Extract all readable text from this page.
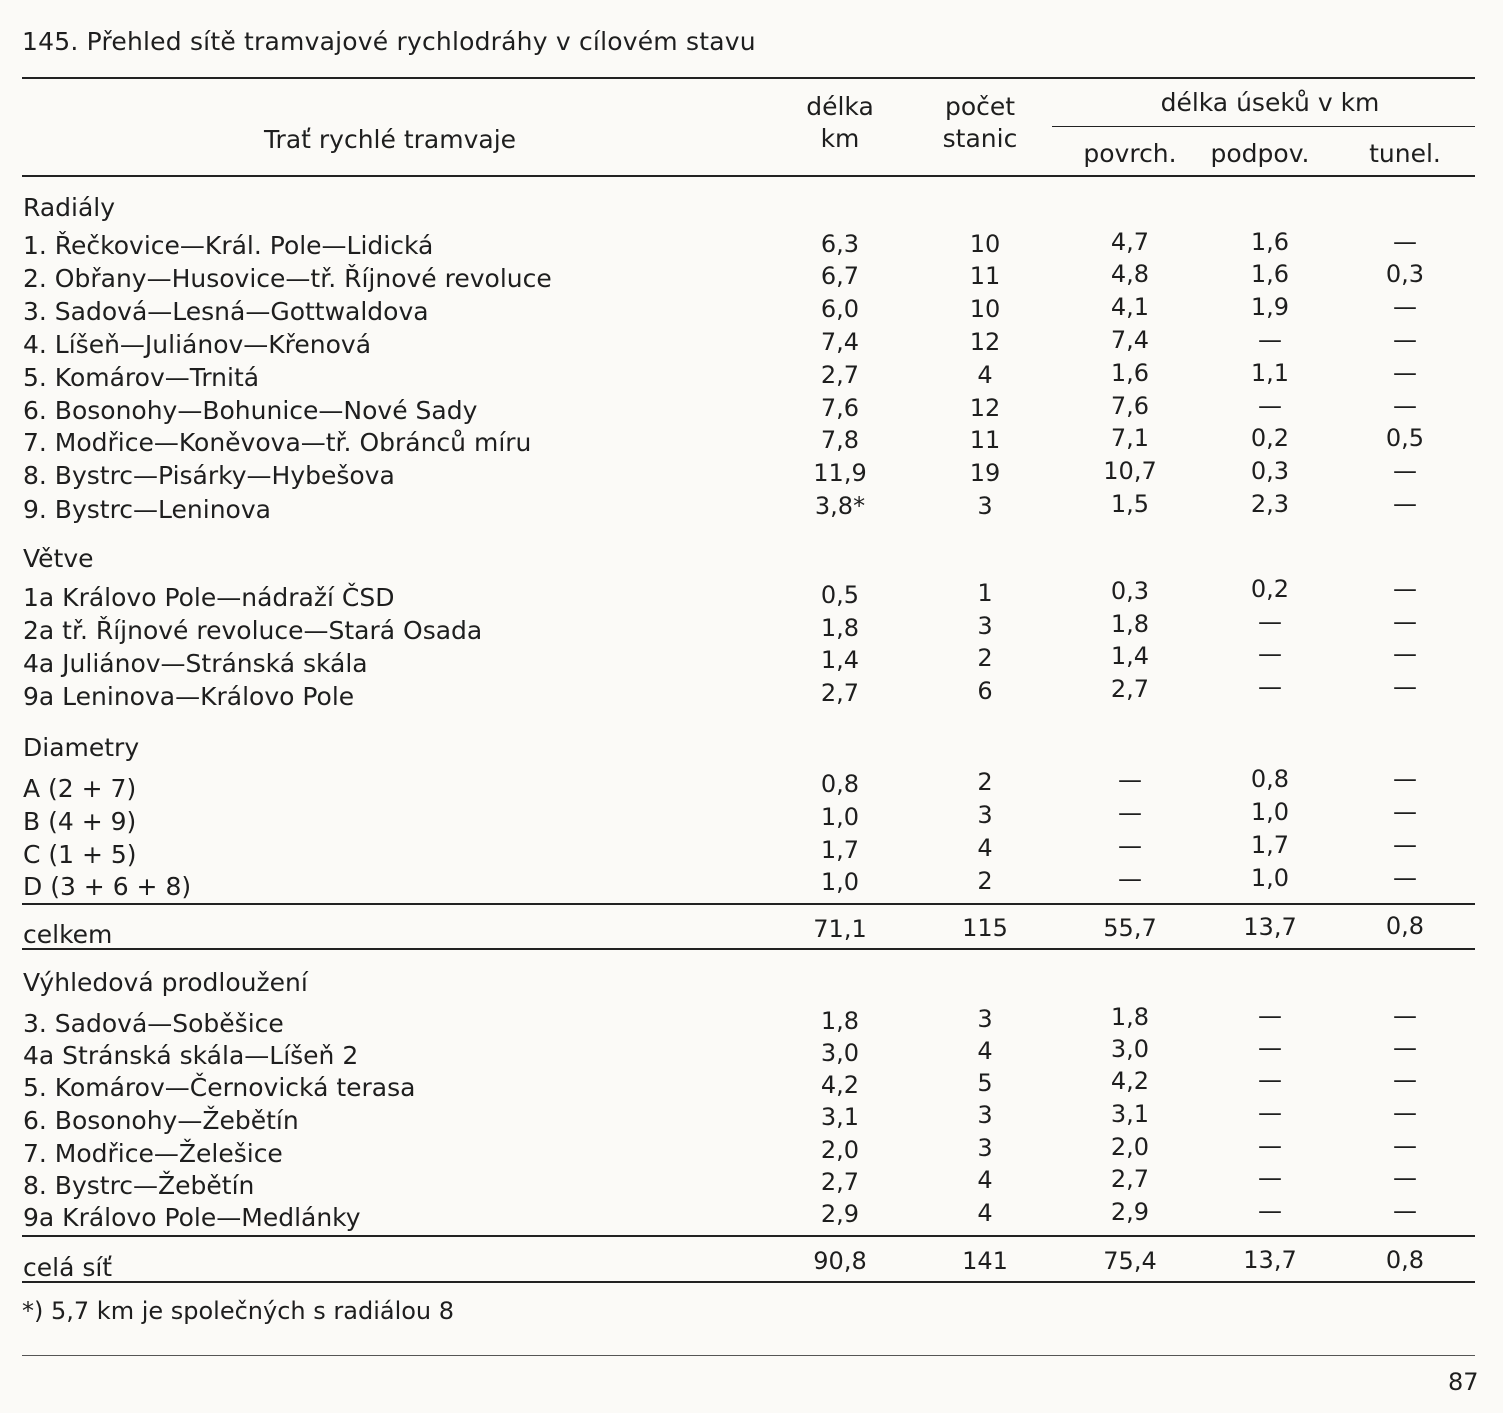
145. Přehled sítě tramvajové rychlodráhy v cílovém stavu
Trať rychlé tramvaje
délka
km
počet
stanic
délka úseků v km
povrch.	podpov.	tunel.
Radiály
1. Řečkovice—Král. Pole—Lidická	6,3	10	4,7	1,6	—
2. Obřany—Husovice—tř. Říjnové revoluce	6,7	11	4,8	1,6	0,3
3. Sadová—Lesná—Gottwaldova	6,0	10	4,1	1,9	—
4. Líšeň—Juliánov—Křenová	7,4	12	7,4	—	—
5. Komárov—Trnitá	2,7	4	1,6	1,1	—
6. Bosonohy—Bohunice—Nové Sady	7,6	12	7,6	—	—
7. Modřice—Koněvova—tř. Obránců míru	7,8	11	7,1	0,2	0,5
8. Bystrc—Pisárky—Hybešova	11,9	19	10,7	0,3	—
9. Bystrc—Leninova	3,8*	3	1,5	2,3	—
Větve
1a Královo Pole—nádraží ČSD	0,5	1	0,3	0,2	—
2a tř. Říjnové revoluce—Stará Osada	1,8	3	1,8	—	—
4a Juliánov—Stránská skála	1,4	2	1,4	—	—
9a Leninova—Královo Pole	2,7	6	2,7	—	—
Diametry
A (2 + 7)	0,8	2	—	0,8	—
B (4 + 9)	1,0	3	—	1,0	—
C (1 + 5)	1,7	4	—	1,7	—
D (3 + 6 + 8)	1,0	2	—	1,0	—
celkem	71,1	115	55,7	13,7	0,8
Výhledová prodloužení
3. Sadová—Soběšice	1,8	3	1,8	—	—
4a Stránská skála—Líšeň 2	3,0	4	3,0	—	—
5. Komárov—Černovická terasa	4,2	5	4,2	—	—
6. Bosonohy—Žebětín	3,1	3	3,1	—	—
7. Modřice—Želešice	2,0	3	2,0	—	—
8. Bystrc—Žebětín	2,7	4	2,7	—	—
9a Královo Pole—Medlánky	2,9	4	2,9	—	—
celá síť	90,8	141	75,4	13,7	0,8
*) 5,7 km je společných s radiálou 8
87
